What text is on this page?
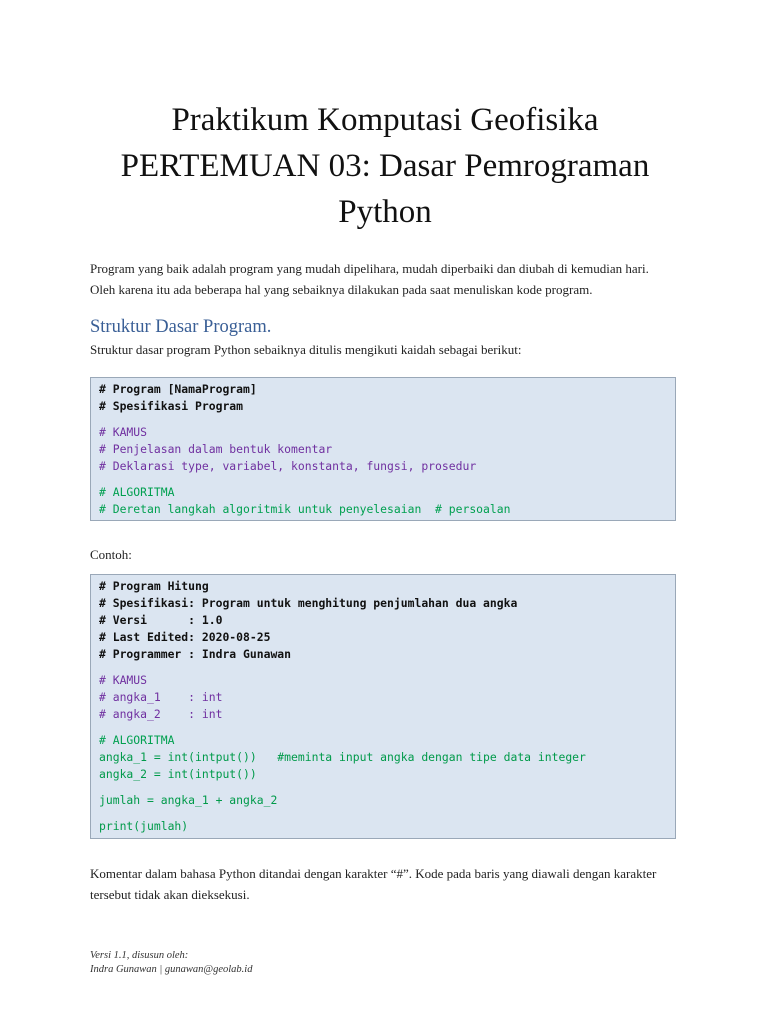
Praktikum Komputasi Geofisika
PERTEMUAN 03: Dasar Pemrograman
Python
Program yang baik adalah program yang mudah dipelihara, mudah diperbaiki dan diubah di kemudian hari.
Oleh karena itu ada beberapa hal yang sebaiknya dilakukan pada saat menuliskan kode program.
Struktur Dasar Program.
Struktur dasar program Python sebaiknya ditulis mengikuti kaidah sebagai berikut:
# Program [NamaProgram]
# Spesifikasi Program
# KAMUS
# Penjelasan dalam bentuk komentar
# Deklarasi type, variabel, konstanta, fungsi, prosedur
# ALGORITMA
# Deretan langkah algoritmik untuk penyelesaian  # persoalan
Contoh:
# Program Hitung
# Spesifikasi: Program untuk menghitung penjumlahan dua angka
# Versi      : 1.0
# Last Edited: 2020-08-25
# Programmer : Indra Gunawan
# KAMUS
# angka_1    : int
# angka_2    : int
# ALGORITMA
angka_1 = int(intput())   #meminta input angka dengan tipe data integer
angka_2 = int(intput())
jumlah = angka_1 + angka_2
print(jumlah)
Komentar dalam bahasa Python ditandai dengan karakter “#”. Kode pada baris yang diawali dengan karakter
tersebut tidak akan dieksekusi.
Versi 1.1, disusun oleh:
Indra Gunawan | gunawan@geolab.id
